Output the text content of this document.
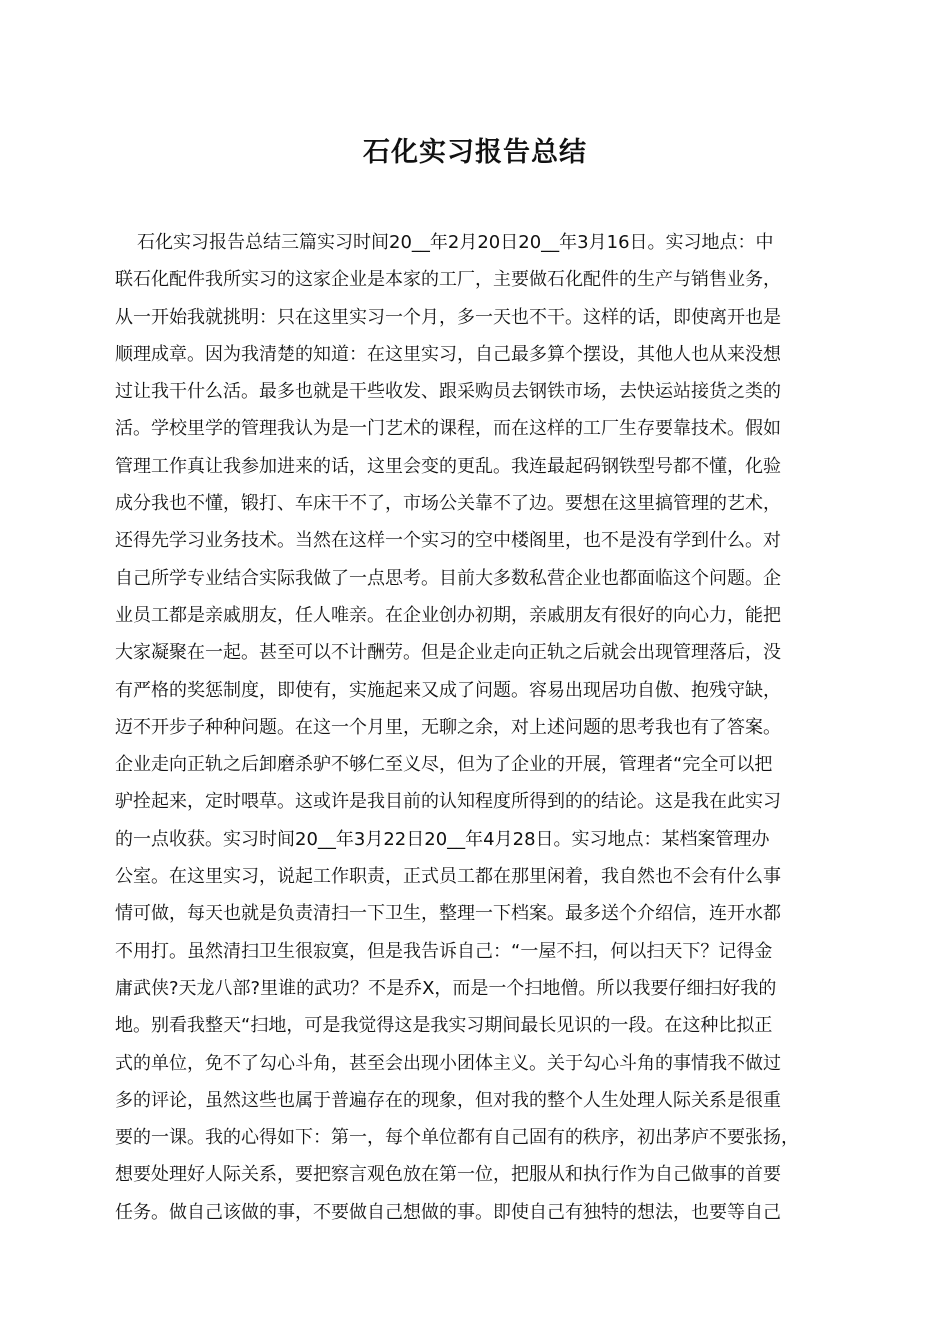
石化实习报告总结
石化实习报告总结三篇实习时间20__年2月20日20__年3月16日。实习地点：中
联石化配件我所实习的这家企业是本家的工厂，主要做石化配件的生产与销售业务，
从一开始我就挑明：只在这里实习一个月，多一天也不干。这样的话，即使离开也是
顺理成章。因为我清楚的知道：在这里实习，自己最多算个摆设，其他人也从来没想
过让我干什么活。最多也就是干些收发、跟采购员去钢铁市场，去快运站接货之类的
活。学校里学的管理我认为是一门艺术的课程，而在这样的工厂生存要靠技术。假如
管理工作真让我参加进来的话，这里会变的更乱。我连最起码钢铁型号都不懂，化验
成分我也不懂，锻打、车床干不了，市场公关靠不了边。要想在这里搞管理的艺术，
还得先学习业务技术。当然在这样一个实习的空中楼阁里，也不是没有学到什么。对
自己所学专业结合实际我做了一点思考。目前大多数私营企业也都面临这个问题。企
业员工都是亲戚朋友，任人唯亲。在企业创办初期，亲戚朋友有很好的向心力，能把
大家凝聚在一起。甚至可以不计酬劳。但是企业走向正轨之后就会出现管理落后，没
有严格的奖惩制度，即使有，实施起来又成了问题。容易出现居功自傲、抱残守缺，
迈不开步子种种问题。在这一个月里，无聊之余，对上述问题的思考我也有了答案。
企业走向正轨之后卸磨杀驴不够仁至义尽，但为了企业的开展，管理者“完全可以把
驴拴起来，定时喂草。这或许是我目前的认知程度所得到的的结论。这是我在此实习
的一点收获。实习时间20__年3月22日20__年4月28日。实习地点：某档案管理办
公室。在这里实习，说起工作职责，正式员工都在那里闲着，我自然也不会有什么事
情可做，每天也就是负责清扫一下卫生，整理一下档案。最多送个介绍信，连开水都
不用打。虽然清扫卫生很寂寞，但是我告诉自己：“一屋不扫，何以扫天下？记得金
庸武侠?天龙八部?里谁的武功？不是乔X，而是一个扫地僧。所以我要仔细扫好我的
地。别看我整天“扫地，可是我觉得这是我实习期间最长见识的一段。在这种比拟正
式的单位，免不了勾心斗角，甚至会出现小团体主义。关于勾心斗角的事情我不做过
多的评论，虽然这些也属于普遍存在的现象，但对我的整个人生处理人际关系是很重
要的一课。我的心得如下：第一，每个单位都有自己固有的秩序，初出茅庐不要张扬，
想要处理好人际关系，要把察言观色放在第一位，把服从和执行作为自己做事的首要
任务。做自己该做的事，不要做自己想做的事。即使自己有独特的想法，也要等自己
